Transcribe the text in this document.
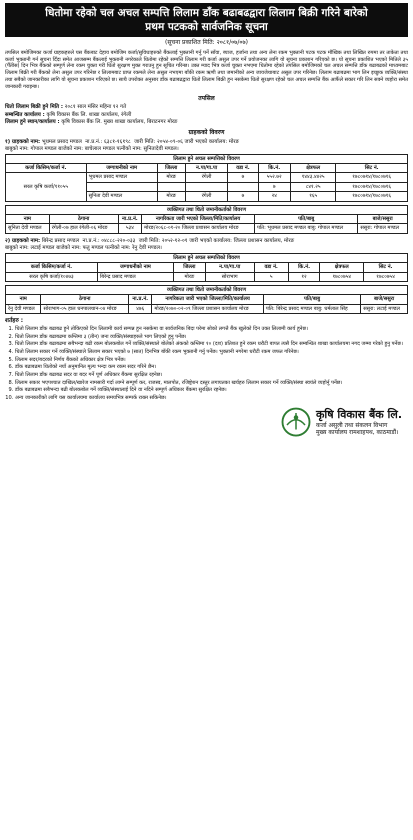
धितोमा रहेको चल अचल सम्पत्ति लिलाम डाँक बढाबढद्वारा लिलाम बिक्री गरिने बारेको
प्रथम पटकको सार्वजनिक सूचना
(सूचना प्रकाशित मिति: २०८१/०७/०७)
तपसिल बमोजिमका कर्जा ग्राहकहरुले यस बैंकबाट देहाय बमोजिम कर्जा/सुविधाहरुको बैंकलाई भुक्तानी गर्नु पर्ने साँवा, ब्याज, हर्जाना तथा अन्य लेना रकम भुक्तानी पटक पटक मौखिक तथा लिखित रुपमा तर ताकेता तथा कर्जा भुक्तानी गर्न सूचना दिँदा समेत आजसम्म बैंकलाई भुक्तानी नगरेकाले धितोमा रहेको सम्पत्ति लिलाम गरी कर्जा असुल उपर गर्ने प्रयोजनका लागि यो सूचना प्रकाशन गरिएको छ। यो सूचना प्रकाशित भएको मितिले ३५ (पैँतीस) दिन भित्र बैंकको सम्पूर्ण लेना रकम चुक्ता गरी धितो सुरक्षण मुक्त गराउनु हुन सूचित गरिन्छ। उक्त म्याद भित्र कर्जा चुक्ता नभएमा धितोमा रहेको तपसिल बमोजिमको चल अचल सम्पत्ति डाँक बढाबढको माध्यमबाट लिलाम बिक्री गरी बैंकको लेना असुल उपर गरिनेछ र लिलामबाट प्राप्त रकमले लेना असुल नभएमा बाँकी रकम ऋणी तथा जमानीको अन्य जायजेथाबाट असुल उपर गरिनेछ। लिलाम बढाबढमा भाग लिन इच्छुक व्यक्ति/संस्था तथा सबैको जानकारीका लागि यो सूचना प्रकाशन गरिएको छ। साथै उपरोक्त अनुसार डाँक बढाबढद्वारा धितो लिलाम बिक्री हुन नसकेमा धितो सुरक्षण रहेको चल अचल सम्पत्ति बैंक आफैंले सकार गरि लिन सक्ने व्यहोरा समेत जानकारी गराइन्छ।
तपसिल
धितो लिलाम बिक्री हुने मिति : २०८१ साल मंसिर महिना १२ गते
सम्बन्धित कार्यालय : कृषि विकास बैंक लि. शाखा कार्यालय, रंगेली
लिलाम हुने स्थान/कार्यालय : कृषि विकास बैंक लि. मुख्य शाखा कार्यालय, बिराटनगर मोरङ
ग्राहकको विवरण
१) ग्राहकको नाम: भूधमल प्रसाद मण्डल ना.प्र.नं.: ६३८१-१६१९८ जारी मिति: २०५४-०९-०६ जारी भएको कार्यालय: मोरङ
बाबुको नाम: गोपाल मण्डल बाजेको नाम: बाचेलाल मण्डल पत्नीको नाम: सुनितादेवी मण्डल।
लिलाम हुने अचल सम्पत्तिको विवरण							
कर्जा किसिम/कर्जा नं.	जग्गाधनीको नाम	जिल्ला	न.पा/गा.पा	वडा नं.	कि.नं.	क्षेत्रफल	सिट नं.
सरल कृषि कर्जा/११०५५	भूधमल प्रसाद मण्डल	मोरङ	रंगेली	७	५५२.७२	१४४३.४४२५	१७८०७१४/१७८०७१६
					७	८४१.२५	१७८०७१४/१७८०७१६
	सुनिता देवी मण्डल	मोरङ	रंगेली	७	२४	१६५	१७८०७१४/१७८०७१६
व्यक्तिगत तथा धितो जमानीकर्ताको विवरण					
नाम	ठेगाना	ना.प्र.नं.	नागरिकता जारी भएको जिल्ला/मिति/कार्यालय	पति/बाबु	बाजे/ससुरा
सुनिता देवी मण्डल	रंगेली-०७ हाल रंगेली-०६ मोरङ	५३४	मोरङ/२०६८-०१-२० जिल्ला प्रशासन कार्यालय मोरङ	पति: भूधमल प्रसाद मण्डल बाबु: गोपाल मण्डल	ससुरा: गोपाल मण्डल
२) ग्राहकको नाम: बिरेन्द्र प्रसाद मण्डल ना.प्र.नं.: ०४८८८-२२०-०३३ जारी मिति: २०५२-१२-०१ जारी भएको कार्यालय: जिल्ला प्रशासन कार्यालय, मोरङ
बाबुको नाम: लटाई मण्डल बाजेको नाम: फतु मण्डल पत्नीको नाम: रेनु देवी मण्डल।
लिलाम हुने अचल सम्पत्तिको विवरण							
कर्जा किसिम/कर्जा नं.	जग्गाधनीको नाम	जिल्ला	न.पा/गा.पा	वडा नं.	कि.नं.	क्षेत्रफल	सिट नं.
सरल कृषि कर्जा/१०४७३	बिरेन्द्र प्रसाद मण्डल	मोरङ	सोराभाग	५	१२	१७८०७५४	१७८०७५४
व्यक्तिगत तथा धितो जमानीकर्ताको विवरण					
नाम	ठेगाना	ना.प्र.नं.	नागरिकता जारी भएको जिल्ला/मिति/कार्यालय	पति/बाबु	बाजे/ससुरा
रेनु देवी मण्डल	सोराभाग-०५ हाल धनपालथान-०४ मोरङ	४७६	मोरङ/२०७०-०२-०९ जिल्ला प्रशासन कार्यालय मोरङ	पति: बिरेन्द्र प्रसाद मण्डल बाबु: धर्मलाल सिंह	ससुरा: लटाई मण्डल
शर्तहरु :
1. धितो लिलाम डाँक बढाबढ हुने तोकिएको दिन लिलामी कार्य सम्पन्न हुन नसकेमा वा सार्वजनिक बिदा परेमा सोको लगत्तै बैंक खुलेको दिन उक्त लिलामी कार्य हुनेछ।
2. धितो लिलाम डाँक बढाबढमा कम्तिमा ३ (तीन) जना व्यक्ति/संस्थाहरुले भाग लिएको हुनु पर्नेछ।
3. धितो लिलाम डाँक बढाबढमा सबैभन्दा बढी रकम बोलकबोल गर्ने व्यक्ति/संस्थाले बोलेको अंकको कम्तिमा १० (दश) प्रतिशत हुने रकम धरौटी बापत त्यसै दिन सम्बन्धित शाखा कार्यालयमा नगद जम्मा गरेको हुनु पर्नेछ।
4. धितो लिलाम सकार गर्ने व्यक्ति/संस्थाले लिलाम सकार भएको ७ (सात) दिनभित्र बाँकी रकम भुक्तानी गर्नु पर्नेछ। भुक्तानी नगरेमा धरौटी रकम जफत गरिनेछ।
5. लिलाम सदर/बदरको निर्णय बैंकको अधिकार क्षेत्र भित्र पर्नेछ।
6. डाँक बढाबढमा धितोको नयाँ अनुमानित मूल्य भन्दा कम रकम सदर गरिने छैन।
7. धितो लिलाम डाँक बढाबढ सदर वा बदर गर्ने पूर्ण अधिकार बैंकमा सुरक्षित रहनेछ।
8. लिलाम सकार भएपश्चात दाखिल/खारेज नामसारी गर्दा लाग्ने सम्पूर्ण कर, राजस्व, मालपोत, रजिष्ट्रेशन दस्तुर लगायतका खर्चहरु लिलाम सकार गर्ने व्यक्ति/संस्था स्वयंले व्यहोर्नु पर्नेछ।
9. डाँक बढाबढमा सबैभन्दा बढी बोलकबोल गर्ने व्यक्ति/संस्थालाई दिने वा नदिने सम्पूर्ण अधिकार बैंकमा सुरक्षित रहनेछ।
10. अन्य जानकारीको लागि यस कार्यालयमा कार्यालय समयभित्र सम्पर्क राख्न सकिनेछ।
कृषि विकास बैंक लि.
कर्जा असुली तथा संकलन विभाग
मुख्य कार्यालय रामशाहपथ, काठमाडौं।
